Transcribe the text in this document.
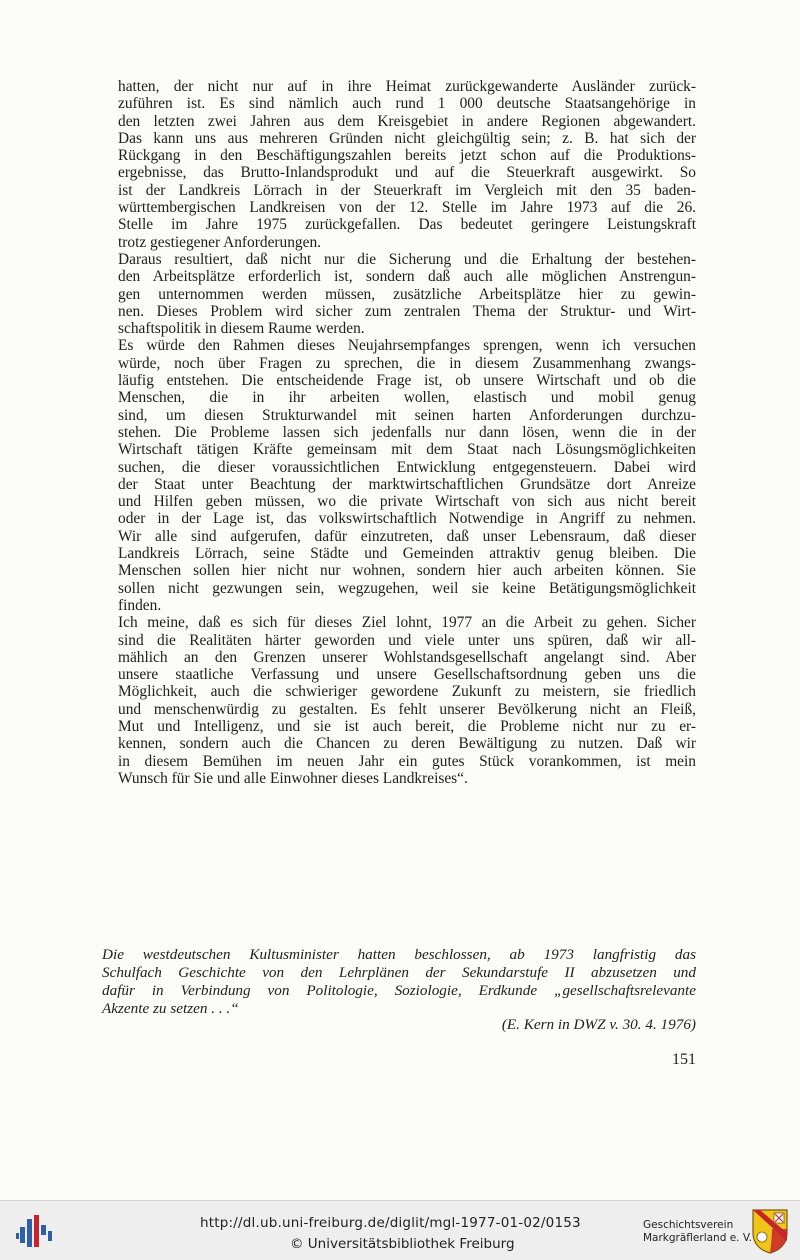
hatten, der nicht nur auf in ihre Heimat zurückgewanderte Ausländer zurück-
zuführen ist. Es sind nämlich auch rund 1 000 deutsche Staatsangehörige in
den letzten zwei Jahren aus dem Kreisgebiet in andere Regionen abgewandert.
Das kann uns aus mehreren Gründen nicht gleichgültig sein; z. B. hat sich der
Rückgang in den Beschäftigungszahlen bereits jetzt schon auf die Produktions-
ergebnisse, das Brutto-Inlandsprodukt und auf die Steuerkraft ausgewirkt. So
ist der Landkreis Lörrach in der Steuerkraft im Vergleich mit den 35 baden-
württembergischen Landkreisen von der 12. Stelle im Jahre 1973 auf die 26.
Stelle im Jahre 1975 zurückgefallen. Das bedeutet geringere Leistungskraft
trotz gestiegener Anforderungen.
Daraus resultiert, daß nicht nur die Sicherung und die Erhaltung der bestehen-
den Arbeitsplätze erforderlich ist, sondern daß auch alle möglichen Anstrengun-
gen unternommen werden müssen, zusätzliche Arbeitsplätze hier zu gewin-
nen. Dieses Problem wird sicher zum zentralen Thema der Struktur- und Wirt-
schaftspolitik in diesem Raume werden.
Es würde den Rahmen dieses Neujahrsempfanges sprengen, wenn ich versuchen
würde, noch über Fragen zu sprechen, die in diesem Zusammenhang zwangs-
läufig entstehen. Die entscheidende Frage ist, ob unsere Wirtschaft und ob die
Menschen, die in ihr arbeiten wollen, elastisch und mobil genug
sind, um diesen Strukturwandel mit seinen harten Anforderungen durchzu-
stehen. Die Probleme lassen sich jedenfalls nur dann lösen, wenn die in der
Wirtschaft tätigen Kräfte gemeinsam mit dem Staat nach Lösungsmöglichkeiten
suchen, die dieser voraussichtlichen Entwicklung entgegensteuern. Dabei wird
der Staat unter Beachtung der marktwirtschaftlichen Grundsätze dort Anreize
und Hilfen geben müssen, wo die private Wirtschaft von sich aus nicht bereit
oder in der Lage ist, das volkswirtschaftlich Notwendige in Angriff zu nehmen.
Wir alle sind aufgerufen, dafür einzutreten, daß unser Lebensraum, daß dieser
Landkreis Lörrach, seine Städte und Gemeinden attraktiv genug bleiben. Die
Menschen sollen hier nicht nur wohnen, sondern hier auch arbeiten können. Sie
sollen nicht gezwungen sein, wegzugehen, weil sie keine Betätigungsmöglichkeit
finden.
Ich meine, daß es sich für dieses Ziel lohnt, 1977 an die Arbeit zu gehen. Sicher
sind die Realitäten härter geworden und viele unter uns spüren, daß wir all-
mählich an den Grenzen unserer Wohlstandsgesellschaft angelangt sind. Aber
unsere staatliche Verfassung und unsere Gesellschaftsordnung geben uns die
Möglichkeit, auch die schwieriger gewordene Zukunft zu meistern, sie friedlich
und menschenwürdig zu gestalten. Es fehlt unserer Bevölkerung nicht an Fleiß,
Mut und Intelligenz, und sie ist auch bereit, die Probleme nicht nur zu er-
kennen, sondern auch die Chancen zu deren Bewältigung zu nutzen. Daß wir
in diesem Bemühen im neuen Jahr ein gutes Stück vorankommen, ist mein
Wunsch für Sie und alle Einwohner dieses Landkreises“.
Die westdeutschen Kultusminister hatten beschlossen, ab 1973 langfristig das
Schulfach Geschichte von den Lehrplänen der Sekundarstufe II abzusetzen und
dafür in Verbindung von Politologie, Soziologie, Erdkunde „gesellschaftsrelevante
Akzente zu setzen . . .“
(E. Kern in DWZ v. 30. 4. 1976)
151
http://dl.ub.uni-freiburg.de/diglit/mgl-1977-01-02/0153
© Universitätsbibliothek Freiburg
Geschichtsverein
Markgräflerland e. V.
